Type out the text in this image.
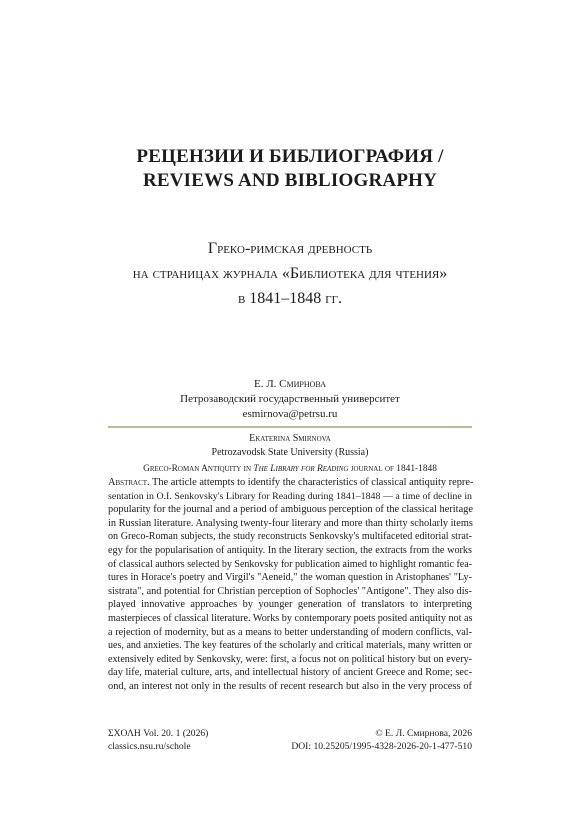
РЕЦЕНЗИИ И БИБЛИОГРАФИЯ /
REVIEWS AND BIBLIOGRAPHY
Греко-римская древность
на страницах журнала «Библиотека для чтения»
в 1841–1848 гг.
Е. Л. Смирнова
Петрозаводский государственный университет
esmirnova@petrsu.ru
Ekaterina Smirnova
Petrozavodsk State University (Russia)
Greco-Roman Antiquity in The Library for Reading journal of 1841-1848
Abstract. The article attempts to identify the characteristics of classical antiquity repre-
sentation in O.I. Senkovsky's Library for Reading during 1841–1848 — a time of decline in
popularity for the journal and a period of ambiguous perception of the classical heritage
in Russian literature. Analysing twenty-four literary and more than thirty scholarly items
on Greco-Roman subjects, the study reconstructs Senkovsky's multifaceted editorial strat-
egy for the popularisation of antiquity. In the literary section, the extracts from the works
of classical authors selected by Senkovsky for publication aimed to highlight romantic fea-
tures in Horace's poetry and Virgil's "Aeneid," the woman question in Aristophanes' "Ly-
sistrata", and potential for Christian perception of Sophocles' "Antigone". They also dis-
played innovative approaches by younger generation of translators to interpreting
masterpieces of classical literature. Works by contemporary poets posited antiquity not as
a rejection of modernity, but as a means to better understanding of modern conflicts, val-
ues, and anxieties. The key features of the scholarly and critical materials, many written or
extensively edited by Senkovsky, were: first, a focus not on political history but on every-
day life, material culture, arts, and intellectual history of ancient Greece and Rome; sec-
ond, an interest not only in the results of recent research but also in the very process of
ΣΧΟΛΗ Vol. 20. 1 (2026)
classics.nsu.ru/schole
© Е. Л. Смирнова, 2026
DOI: 10.25205/1995-4328-2026-20-1-477-510
